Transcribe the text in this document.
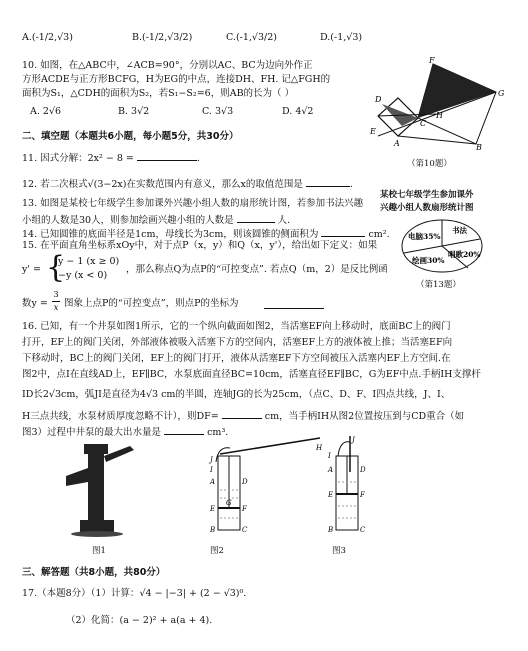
A.(-1/2,√3)	B.(-1/2,√3/2)	C.(-1,√3/2)	D.(-1,√3)
10. 如图，在△ABC中，∠ACB=90°，分别以AC、BC为边向外作正
方形ACDE与正方形BCFG，H为EG的中点，连接DH、FH. 记△FGH的
面积为S₁，△CDH的面积为S₂，若S₁−S₂=6，则AB的长为（ ）
A. 2√6	B. 3√2	C. 3√3	D. 4√2
F
G
D
C
H
E
A	B
（第10题）
二、填空题（本题共6小题，每小题5分，共30分）
11. 因式分解：2x² − 8 =	.
12. 若二次根式√(3−2x)在实数范围内有意义，那么x的取值范围是	.
13. 如图是某校七年级学生参加课外兴趣小组人数的扇形统计图，若参加书法兴趣
小组的人数是30人，则参加绘画兴趣小组的人数是	人.
14. 已知圆锥的底面半径是1cm，母线长为3cm，则该圆锥的侧面积为	cm².
15. 在平面直角坐标系xOy中，对于点P（x，y）和Q（x，y'），给出如下定义：如果
y' = {
y − 1 (x ≥ 0)
−y (x < 0)
，那么称点Q为点P的“可控变点”. 若点Q（m，2）是反比例函
数y =
3
x 图象上点P的“可控变点”，则点P的坐标为
某校七年级学生参加课外
兴趣小组人数扇形统计图
电脑35%
书法
唱歌20%
绘画30%
（第13题）
16. 已知，有一个井泵如图1所示，它的一个纵向截面如图2，当活塞EF向上移动时，底面BC上的阀门
打开，EF上的阀门关闭，外部液体被吸入活塞下方的空间内，活塞EF上方的液体被上推；当活塞EF向
下移动时，BC上的阀门关闭，EF上的阀门打开，液体从活塞EF下方空间被压入活塞内EF上方空间.在
图2中，点I在直线AD上，EF∥BC，水泵底面直径BC=10cm，活塞直径EF∥BC，G为EF中点.手柄IH支撑杆
ID长2√3cm，弧JI是直径为4√3 cm的半圆，连轴JG的长为25cm，（点C、D、F、I四点共线，J、I、
H三点共线，水泵材质厚度忽略不计），则DF=	cm，当手柄IH从图2位置按压到与CD重合（如
图3）过程中井泵的最大出水量是	cm³.
图1
J
I
H
A	D
E	F
G
B	C
图2
J
I
A	D
E	F
B	C
图3
三、解答题（共8小题，共80分）
17.（本题8分）（1）计算：√4 − |−3| + (2 − √3)⁰.
（2）化简：(a − 2)² + a(a + 4).
